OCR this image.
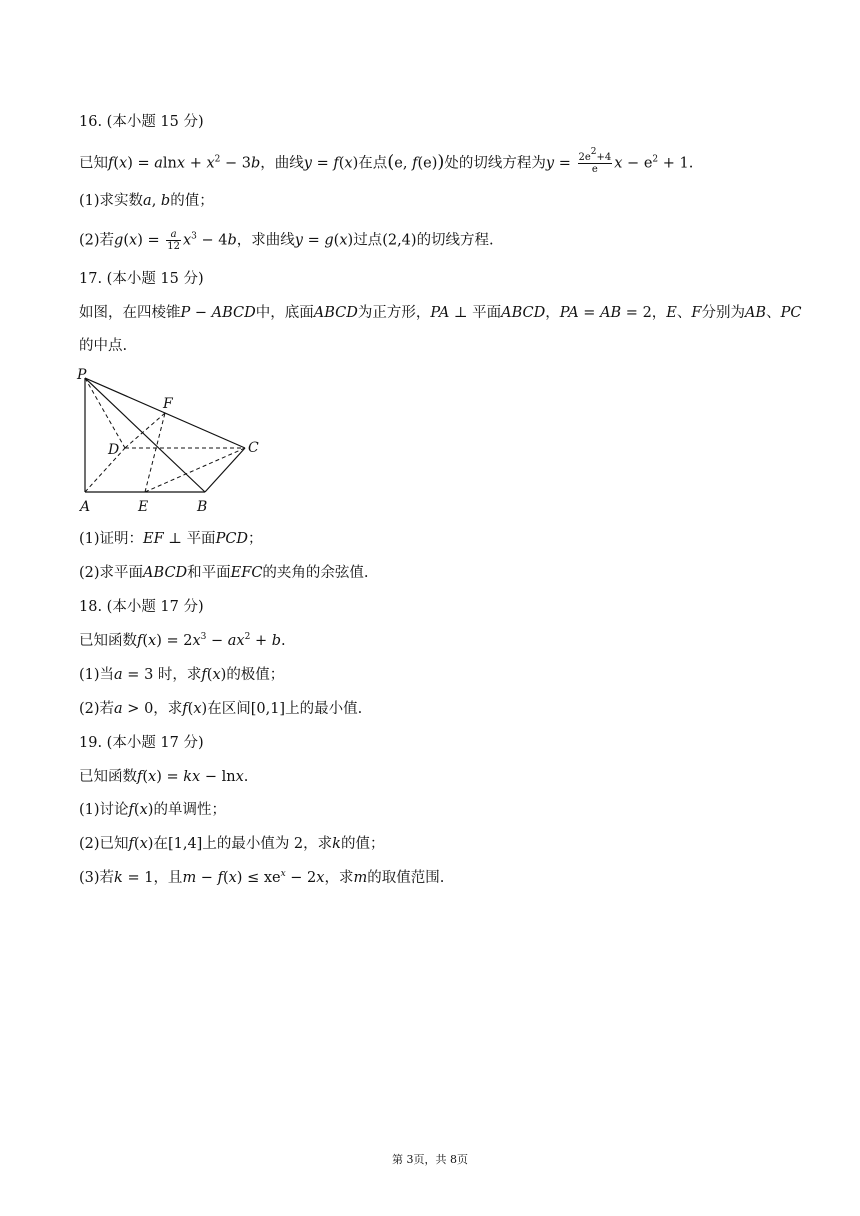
16. (本小题 15 分)
已知$f(x) = alnx + x^2 - 3b$，曲线y = f(x)在点(e, f(e))处的切线方程为$y = \frac{2e^2+4}{e}$ $x - e^2 + 1$.
(1)求实数a, b的值；
(2)若$g(x) = \frac{a}{12} x^3 - 4b$，求曲线y = g(x)过点(2,4)的切线方程.
17. (本小题 15 分)
如图，在四棱锥P − ABCD中，底面ABCD为正方形，PA ⊥ 平面ABCD，PA = AB = 2，E、F分别为AB、PC
的中点.
P
F
D	C
A	E	B
(1)证明：EF ⊥ 平面PCD；
(2)求平面ABCD和平面EFC的夹角的余弦值.
18. (本小题 17 分)
已知函数$f(x) = 2x^3 - ax^2 + b$.
(1)当a = 3 时，求f(x)的极值；
(2)若a > 0，求f(x)在区间[0,1]上的最小值.
19. (本小题 17 分)
已知函数f(x) = kx − lnx.
(1)讨论f(x)的单调性；
(2)已知f(x)在[1,4]上的最小值为 2，求k的值；
(3)若k = 1，且$m - f(x) \le xe^x - 2x$，求m的取值范围.
第 3页，共 8页
